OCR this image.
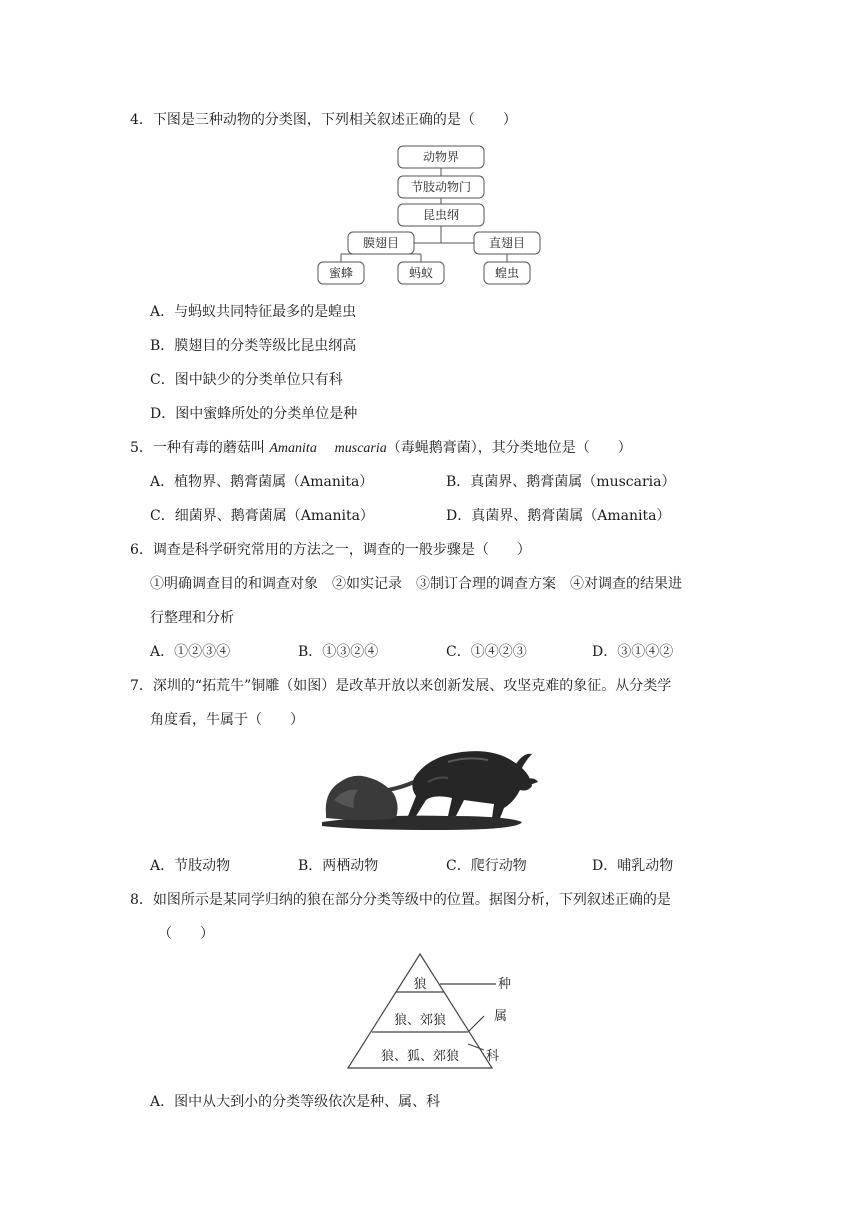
4．下图是三种动物的分类图，下列相关叙述正确的是（　　）
动物界
节肢动物门
昆虫纲
膜翅目	直翅目
蜜蜂	蚂蚁	蝗虫
A．与蚂蚁共同特征最多的是蝗虫
B．膜翅目的分类等级比昆虫纲高
C．图中缺少的分类单位只有科
D．图中蜜蜂所处的分类单位是种
5．一种有毒的蘑菇叫 Amanita muscaria（毒蝇鹅膏菌），其分类地位是（　　）
A．植物界、鹅膏菌属（Amanita）	B．真菌界、鹅膏菌属（muscaria）
C．细菌界、鹅膏菌属（Amanita）	D．真菌界、鹅膏菌属（Amanita）
6．调查是科学研究常用的方法之一，调查的一般步骤是（　　）
①明确调查目的和调查对象　②如实记录　③制订合理的调查方案　④对调查的结果进
行整理和分析
A．①②③④	B．①③②④	C．①④②③	D．③①④②
7．深圳的“拓荒牛”铜雕（如图）是改革开放以来创新发展、攻坚克难的象征。从分类学
角度看，牛属于（　　）
A．节肢动物	B．两栖动物	C．爬行动物	D．哺乳动物
8．如图所示是某同学归纳的狼在部分分类等级中的位置。据图分析，下列叙述正确的是
（　　）
狼
狼、郊狼
狼、狐、郊狼
种
属
科
A．图中从大到小的分类等级依次是种、属、科
